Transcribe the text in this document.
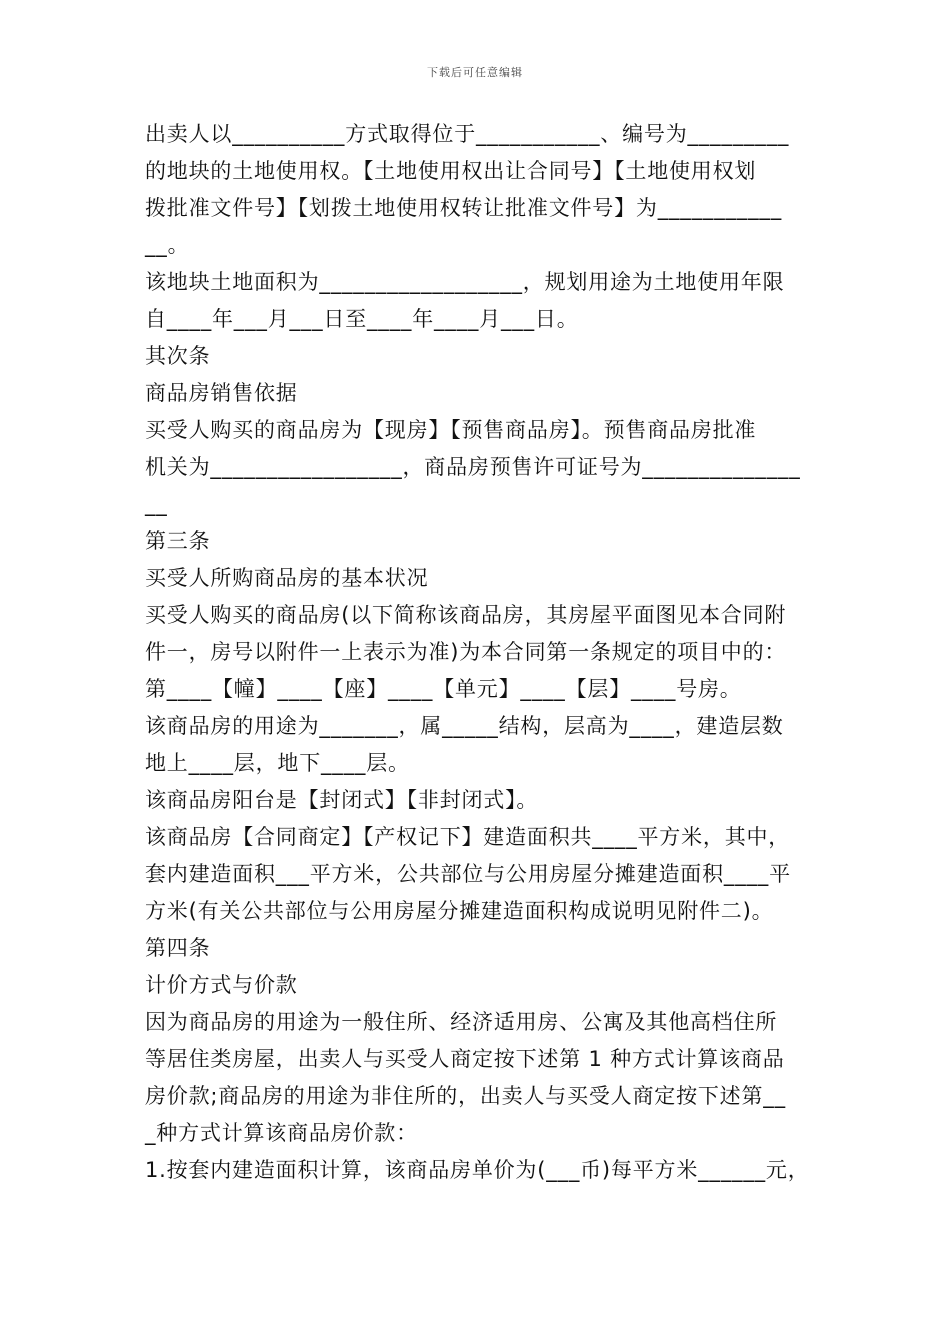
下载后可任意编辑
出卖人以__________方式取得位于___________、编号为_________
的地块的土地使用权。【土地使用权出让合同号】【土地使用权划
拨批准文件号】【划拨土地使用权转让批准文件号】为___________
__。
该地块土地面积为__________________，规划用途为土地使用年限
自____年___月___日至____年____月___日。
其次条
商品房销售依据
买受人购买的商品房为【现房】【预售商品房】。预售商品房批准
机关为_________________，商品房预售许可证号为______________
__
第三条
买受人所购商品房的基本状况
买受人购买的商品房(以下简称该商品房，其房屋平面图见本合同附
件一，房号以附件一上表示为准)为本合同第一条规定的项目中的：
第____【幢】____【座】____【单元】____【层】____号房。
该商品房的用途为_______，属_____结构，层高为____，建造层数
地上____层，地下____层。
该商品房阳台是【封闭式】【非封闭式】。
该商品房【合同商定】【产权记下】建造面积共____平方米，其中，
套内建造面积___平方米，公共部位与公用房屋分摊建造面积____平
方米(有关公共部位与公用房屋分摊建造面积构成说明见附件二)。
第四条
计价方式与价款
因为商品房的用途为一般住所、经济适用房、公寓及其他高档住所
等居住类房屋，出卖人与买受人商定按下述第 1 种方式计算该商品
房价款;商品房的用途为非住所的，出卖人与买受人商定按下述第__
_种方式计算该商品房价款：
1.按套内建造面积计算，该商品房单价为(___币)每平方米______元，
